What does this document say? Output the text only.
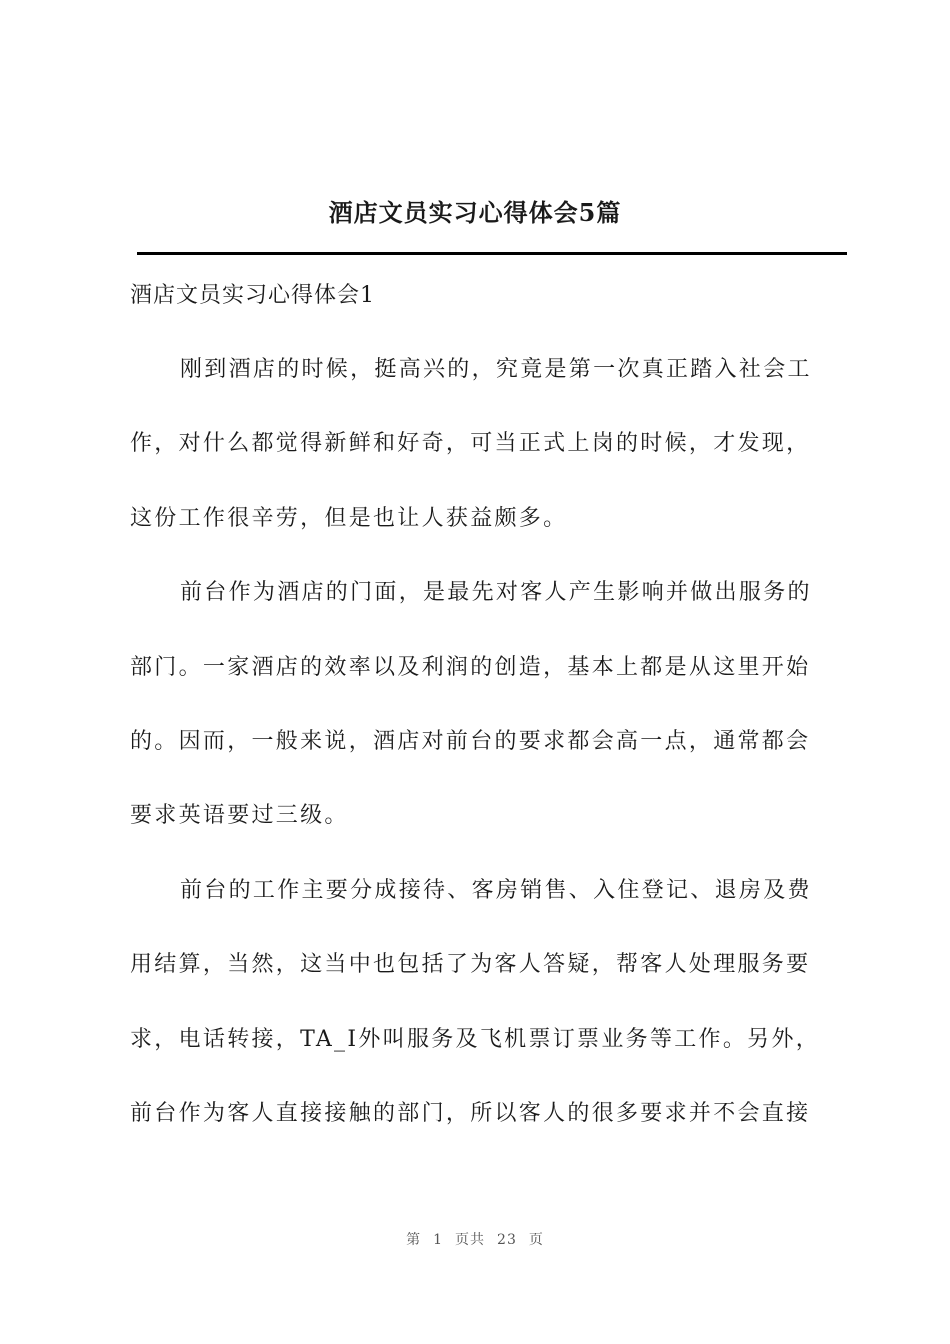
酒店文员实习心得体会5篇
酒店文员实习心得体会1
刚到酒店的时候，挺高兴的，究竟是第一次真正踏入社会工
作，对什么都觉得新鲜和好奇，可当正式上岗的时候，才发现，
这份工作很辛劳，但是也让人获益颇多。
前台作为酒店的门面，是最先对客人产生影响并做出服务的
部门。一家酒店的效率以及利润的创造，基本上都是从这里开始
的。因而，一般来说，酒店对前台的要求都会高一点，通常都会
要求英语要过三级。
前台的工作主要分成接待、客房销售、入住登记、退房及费
用结算，当然，这当中也包括了为客人答疑，帮客人处理服务要
求，电话转接，TA_I外叫服务及飞机票订票业务等工作。另外，
前台作为客人直接接触的部门，所以客人的很多要求并不会直接
第 1 页共 23 页
